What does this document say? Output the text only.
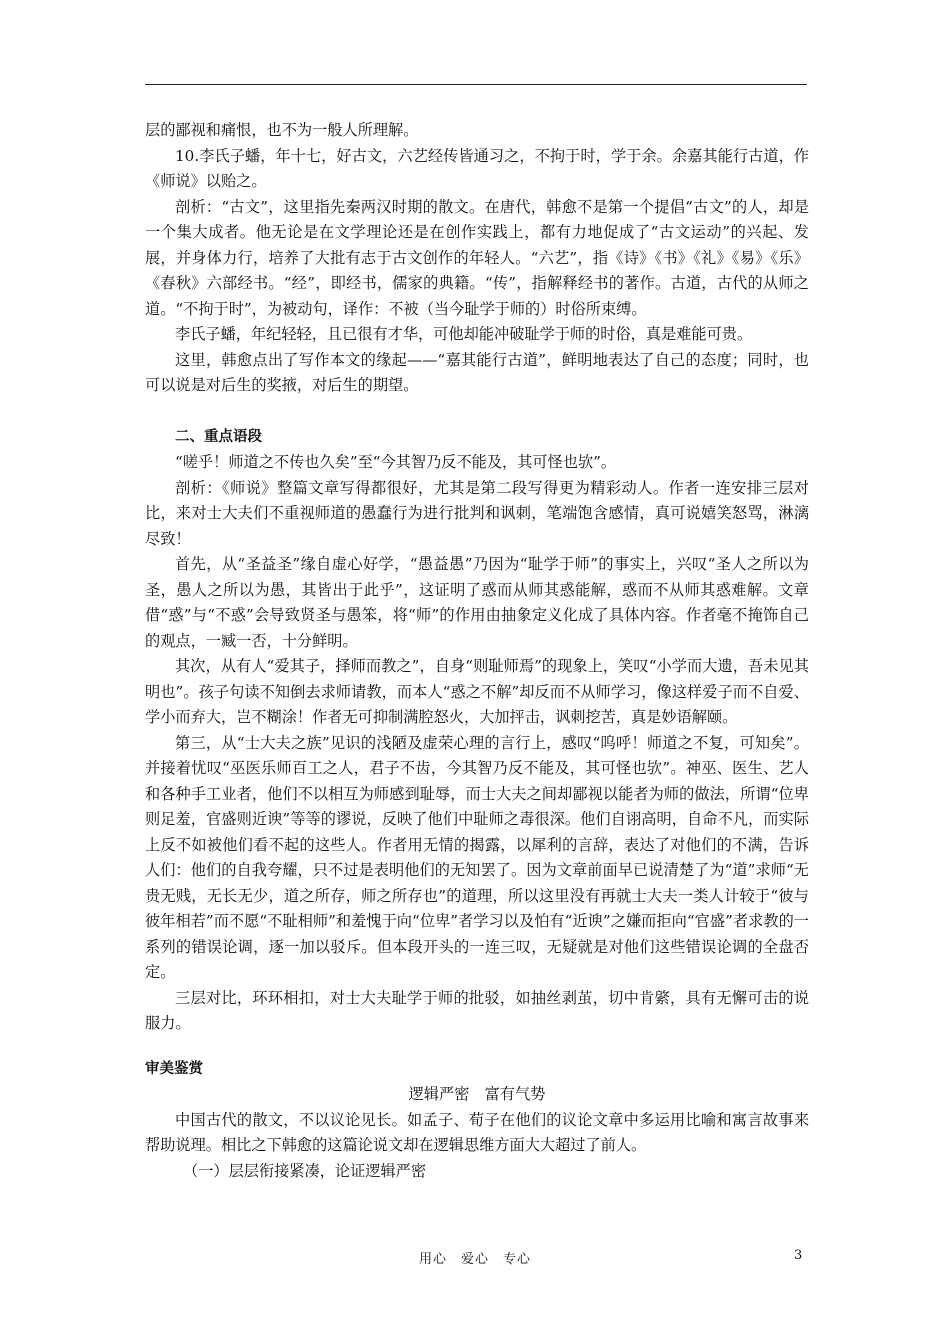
层的鄙视和痛恨，也不为一般人所理解。

10.李氏子蟠，年十七，好古文，六艺经传皆通习之，不拘于时，学于余。余嘉其能行古道，作《师说》以贻之。

剖析：“古文”，这里指先秦两汉时期的散文。在唐代，韩愈不是第一个提倡“古文”的人，却是一个集大成者。他无论是在文学理论还是在创作实践上，都有力地促成了“古文运动”的兴起、发展，并身体力行，培养了大批有志于古文创作的年轻人。“六艺”，指《诗》《书》《礼》《易》《乐》《春秋》六部经书。“经”，即经书，儒家的典籍。“传”，指解释经书的著作。古道，古代的从师之道。“不拘于时”，为被动句，译作：不被（当今耻学于师的）时俗所束缚。

李氏子蟠，年纪轻轻，且已很有才华，可他却能冲破耻学于师的时俗，真是难能可贵。

这里，韩愈点出了写作本文的缘起——“嘉其能行古道”，鲜明地表达了自己的态度；同时，也可以说是对后生的奖掖，对后生的期望。

二、重点语段

“嗟乎！师道之不传也久矣”至“今其智乃反不能及，其可怪也欤”。

剖析：《师说》整篇文章写得都很好，尤其是第二段写得更为精彩动人。作者一连安排三层对比，来对士大夫们不重视师道的愚蠢行为进行批判和讽刺，笔端饱含感情，真可说嬉笑怒骂，淋漓尽致！

首先，从“圣益圣”缘自虚心好学，“愚益愚”乃因为“耻学于师”的事实上，兴叹“圣人之所以为圣，愚人之所以为愚，其皆出于此乎”，这证明了惑而从师其惑能解，惑而不从师其惑难解。文章借“惑”与“不惑”会导致贤圣与愚笨，将“师”的作用由抽象定义化成了具体内容。作者毫不掩饰自己的观点，一臧一否，十分鲜明。

其次，从有人“爱其子，择师而教之”，自身“则耻师焉”的现象上，笑叹“小学而大遗，吾未见其明也”。孩子句读不知倒去求师请教，而本人“惑之不解”却反而不从师学习，像这样爱子而不自爱、学小而弃大，岂不糊涂！作者无可抑制满腔怒火，大加抨击，讽刺挖苦，真是妙语解颐。

第三，从“士大夫之族”见识的浅陋及虚荣心理的言行上，感叹“呜呼！师道之不复，可知矣”。并接着忧叹“巫医乐师百工之人，君子不齿，今其智乃反不能及，其可怪也欤”。神巫、医生、艺人和各种手工业者，他们不以相互为师感到耻辱，而士大夫之间却鄙视以能者为师的做法，所谓“位卑则足羞，官盛则近谀”等等的谬说，反映了他们中耻师之毒很深。他们自诩高明，自命不凡，而实际上反不如被他们看不起的这些人。作者用无情的揭露，以犀利的言辞，表达了对他们的不满，告诉人们：他们的自我夸耀，只不过是表明他们的无知罢了。因为文章前面早已说清楚了为“道”求师“无贵无贱，无长无少，道之所存，师之所存也”的道理，所以这里没有再就士大夫一类人计较于“彼与彼年相若”而不愿“不耻相师”和羞愧于向“位卑”者学习以及怕有“近谀”之嫌而拒向“官盛”者求教的一系列的错误论调，逐一加以驳斥。但本段开头的一连三叹，无疑就是对他们这些错误论调的全盘否定。

三层对比，环环相扣，对士大夫耻学于师的批驳，如抽丝剥茧，切中肯綮，具有无懈可击的说服力。

审美鉴赏

逻辑严密　富有气势

中国古代的散文，不以议论见长。如孟子、荀子在他们的议论文章中多运用比喻和寓言故事来帮助说理。相比之下韩愈的这篇论说文却在逻辑思维方面大大超过了前人。

（一）层层衔接紧凑，论证逻辑严密

用心　爱心　专心	3
